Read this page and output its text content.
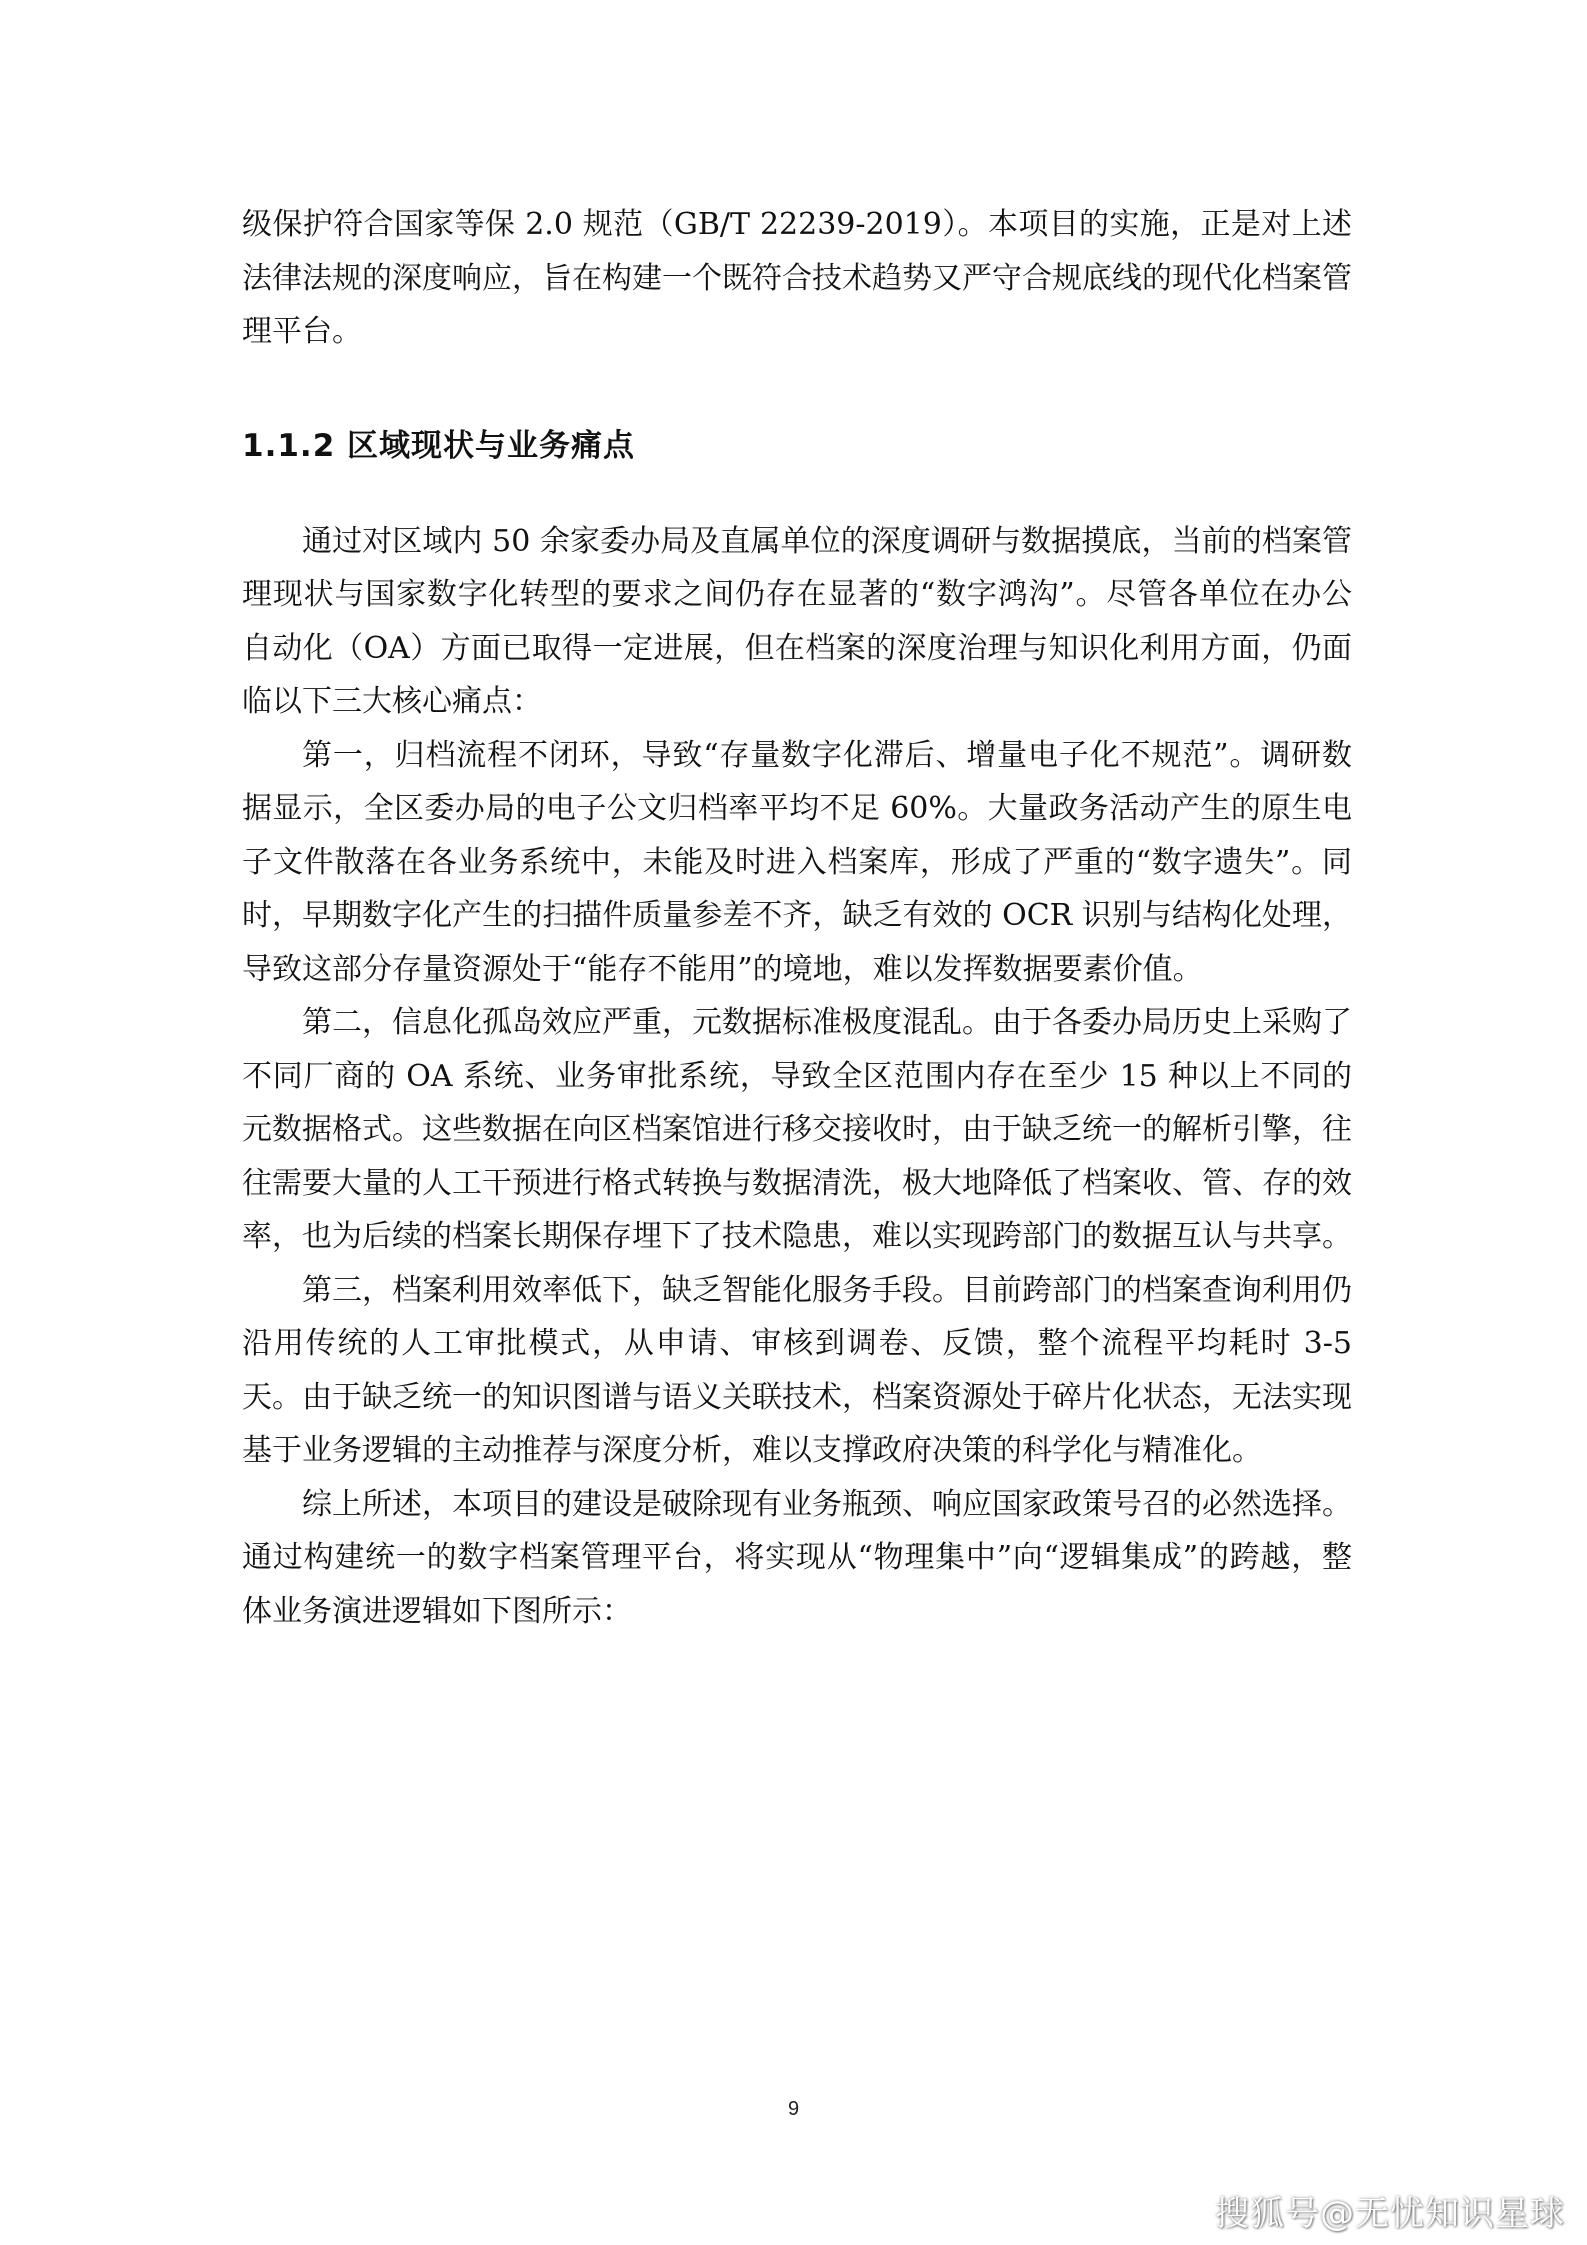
级保护符合国家等保 2.0 规范（GB/T 22239-2019）。本项目的实施，正是对上述法律法规的深度响应，旨在构建一个既符合技术趋势又严守合规底线的现代化档案管理平台。

1.1.2 区域现状与业务痛点

通过对区域内 50 余家委办局及直属单位的深度调研与数据摸底，当前的档案管理现状与国家数字化转型的要求之间仍存在显著的“数字鸿沟”。尽管各单位在办公自动化（OA）方面已取得一定进展，但在档案的深度治理与知识化利用方面，仍面临以下三大核心痛点：

第一，归档流程不闭环，导致“存量数字化滞后、增量电子化不规范”。调研数据显示，全区委办局的电子公文归档率平均不足 60%。大量政务活动产生的原生电子文件散落在各业务系统中，未能及时进入档案库，形成了严重的“数字遗失”。同时，早期数字化产生的扫描件质量参差不齐，缺乏有效的 OCR 识别与结构化处理，导致这部分存量资源处于“能存不能用”的境地，难以发挥数据要素价值。

第二，信息化孤岛效应严重，元数据标准极度混乱。由于各委办局历史上采购了不同厂商的 OA 系统、业务审批系统，导致全区范围内存在至少 15 种以上不同的元数据格式。这些数据在向区档案馆进行移交接收时，由于缺乏统一的解析引擎，往往需要大量的人工干预进行格式转换与数据清洗，极大地降低了档案收、管、存的效率，也为后续的档案长期保存埋下了技术隐患，难以实现跨部门的数据互认与共享。

第三，档案利用效率低下，缺乏智能化服务手段。目前跨部门的档案查询利用仍沿用传统的人工审批模式，从申请、审核到调卷、反馈，整个流程平均耗时 3-5 天。由于缺乏统一的知识图谱与语义关联技术，档案资源处于碎片化状态，无法实现基于业务逻辑的主动推荐与深度分析，难以支撑政府决策的科学化与精准化。

综上所述，本项目的建设是破除现有业务瓶颈、响应国家政策号召的必然选择。通过构建统一的数字档案管理平台，将实现从“物理集中”向“逻辑集成”的跨越，整体业务演进逻辑如下图所示：

9
搜狐号@无忧知识星球
